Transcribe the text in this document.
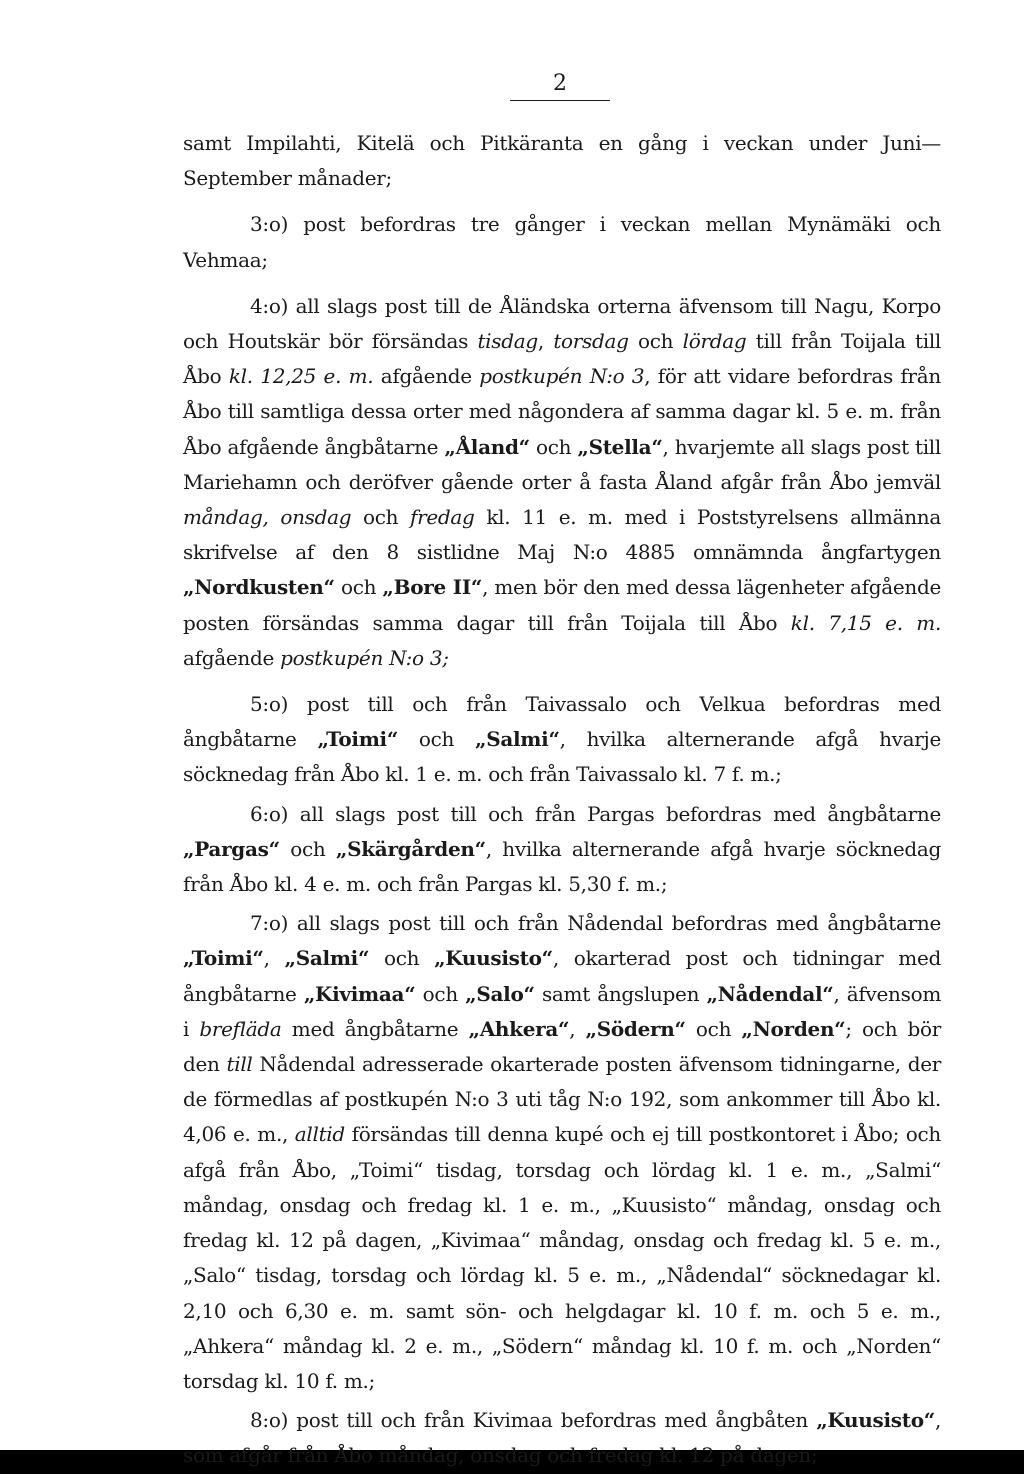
2

samt Impilahti, Kitelä och Pitkäranta en gång i veckan under Juni—September månader;

3:o) post befordras tre gånger i veckan mellan Mynämäki och Vehmaa;

4:o) all slags post till de Åländska orterna äfvensom till Nagu, Korpo och Houtskär bör försändas tisdag, torsdag och lördag till från Toijala till Åbo kl. 12,25 e. m. afgående postkupén N:o 3, för att vidare befordras från Åbo till samtliga dessa orter med någondera af samma dagar kl. 5 e. m. från Åbo afgående ångbåtarne „Åland“ och „Stella“, hvarjemte all slags post till Mariehamn och deröfver gående orter å fasta Åland afgår från Åbo jemväl måndag, onsdag och fredag kl. 11 e. m. med i Poststyrelsens allmänna skrifvelse af den 8 sistlidne Maj N:o 4885 omnämnda ångfartygen „Nordkusten“ och „Bore II“, men bör den med dessa lägenheter afgående posten försändas samma dagar till från Toijala till Åbo kl. 7,15 e. m. afgående postkupén N:o 3;

5:o) post till och från Taivassalo och Velkua befordras med ångbåtarne „Toimi“ och „Salmi“, hvilka alternerande afgå hvarje söcknedag från Åbo kl. 1 e. m. och från Taivassalo kl. 7 f. m.;

6:o) all slags post till och från Pargas befordras med ångbåtarne „Pargas“ och „Skärgården“, hvilka alternerande afgå hvarje söcknedag från Åbo kl. 4 e. m. och från Pargas kl. 5,30 f. m.;

7:o) all slags post till och från Nådendal befordras med ångbåtarne „Toimi“, „Salmi“ och „Kuusisto“, okarterad post och tidningar med ångbåtarne „Kivimaa“ och „Salo“ samt ångslupen „Nådendal“, äfvensom i brefläda med ångbåtarne „Ahkera“, „Södern“ och „Norden“; och bör den till Nådendal adresserade okarterade posten äfvensom tidningarne, der de förmedlas af postkupén N:o 3 uti tåg N:o 192, som ankommer till Åbo kl. 4,06 e. m., alltid försändas till denna kupé och ej till postkontoret i Åbo; och afgå från Åbo, „Toimi“ tisdag, torsdag och lördag kl. 1 e. m., „Salmi“ måndag, onsdag och fredag kl. 1 e. m., „Kuusisto“ måndag, onsdag och fredag kl. 12 på dagen, „Kivimaa“ måndag, onsdag och fredag kl. 5 e. m., „Salo“ tisdag, torsdag och lördag kl. 5 e. m., „Nådendal“ söcknedagar kl. 2,10 och 6,30 e. m. samt sön- och helgdagar kl. 10 f. m. och 5 e. m., „Ahkera“ måndag kl. 2 e. m., „Södern“ måndag kl. 10 f. m. och „Norden“ torsdag kl. 10 f. m.;

8:o) post till och från Kivimaa befordras med ångbåten „Kuusisto“, som afgår från Åbo måndag, onsdag och fredag kl. 12 på dagen;
